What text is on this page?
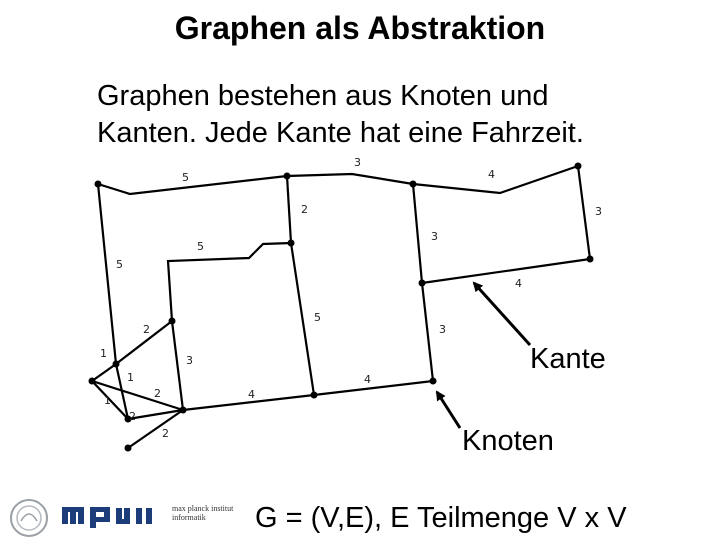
Graphen als Abstraktion
Graphen bestehen aus Knoten und
Kanten. Jede Kante hat eine Fahrzeit.
3
5	4
3
2
3
5
5
4
5
3
2
3
1
1
1
2
2
4
4
2
Kante
Knoten
G = (V,E), E Teilmenge V x V
max planck institut
informatik
